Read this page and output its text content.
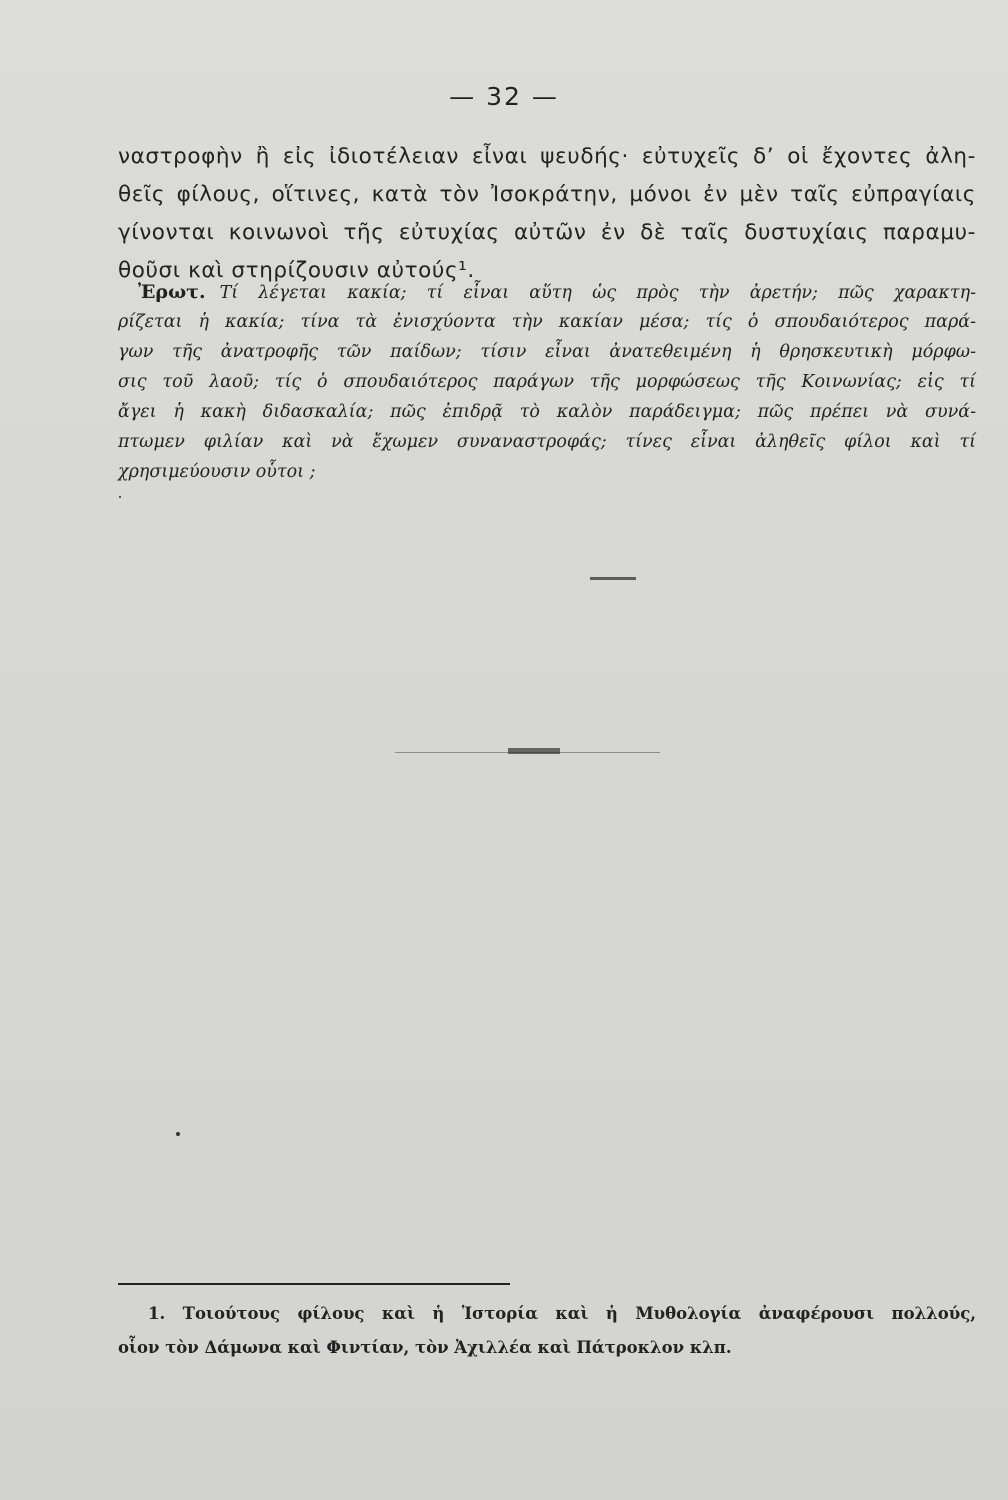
— 32 —
ναστροφὴν ἢ εἰς ἰδιοτέλειαν εἶναι ψευδής· εὐτυχεῖς δ’ οἱ ἔχοντες ἀλη-
θεῖς φίλους, οἵτινες, κατὰ τὸν Ἰσοκράτην, μόνοι ἐν μὲν ταῖς εὐπραγίαις
γίνονται κοινωνοὶ τῆς εὐτυχίας αὐτῶν ἐν δὲ ταῖς δυστυχίαις παραμυ-
θοῦσι καὶ στηρίζουσιν αὐτούς¹.
Ἐρωτ. Τί λέγεται κακία; τί εἶναι αὕτη ὡς πρὸς τὴν ἀρετήν; πῶς χαρακτη-
ρίζεται ἡ κακία; τίνα τὰ ἐνισχύοντα τὴν κακίαν μέσα; τίς ὁ σπουδαιότερος παρά-
γων τῆς ἀνατροφῆς τῶν παίδων; τίσιν εἶναι ἀνατεθειμένη ἡ θρησκευτικὴ μόρφω-
σις τοῦ λαοῦ; τίς ὁ σπουδαιότερος παράγων τῆς μορφώσεως τῆς Κοινωνίας; εἰς τί
ἄγει ἡ κακὴ διδασκαλία; πῶς ἐπιδρᾷ τὸ καλὸν παράδειγμα; πῶς πρέπει νὰ συνά-
πτωμεν φιλίαν καὶ νὰ ἔχωμεν συναναστροφάς; τίνες εἶναι ἀληθεῖς φίλοι καὶ τί
χρησιμεύουσιν οὗτοι ;
1. Τοιούτους φίλους καὶ ἡ Ἱστορία καὶ ἡ Μυθολογία ἀναφέρουσι πολλούς,
οἷον τὸν Δάμωνα καὶ Φιντίαν, τὸν Ἀχιλλέα καὶ Πάτροκλον κλπ.
